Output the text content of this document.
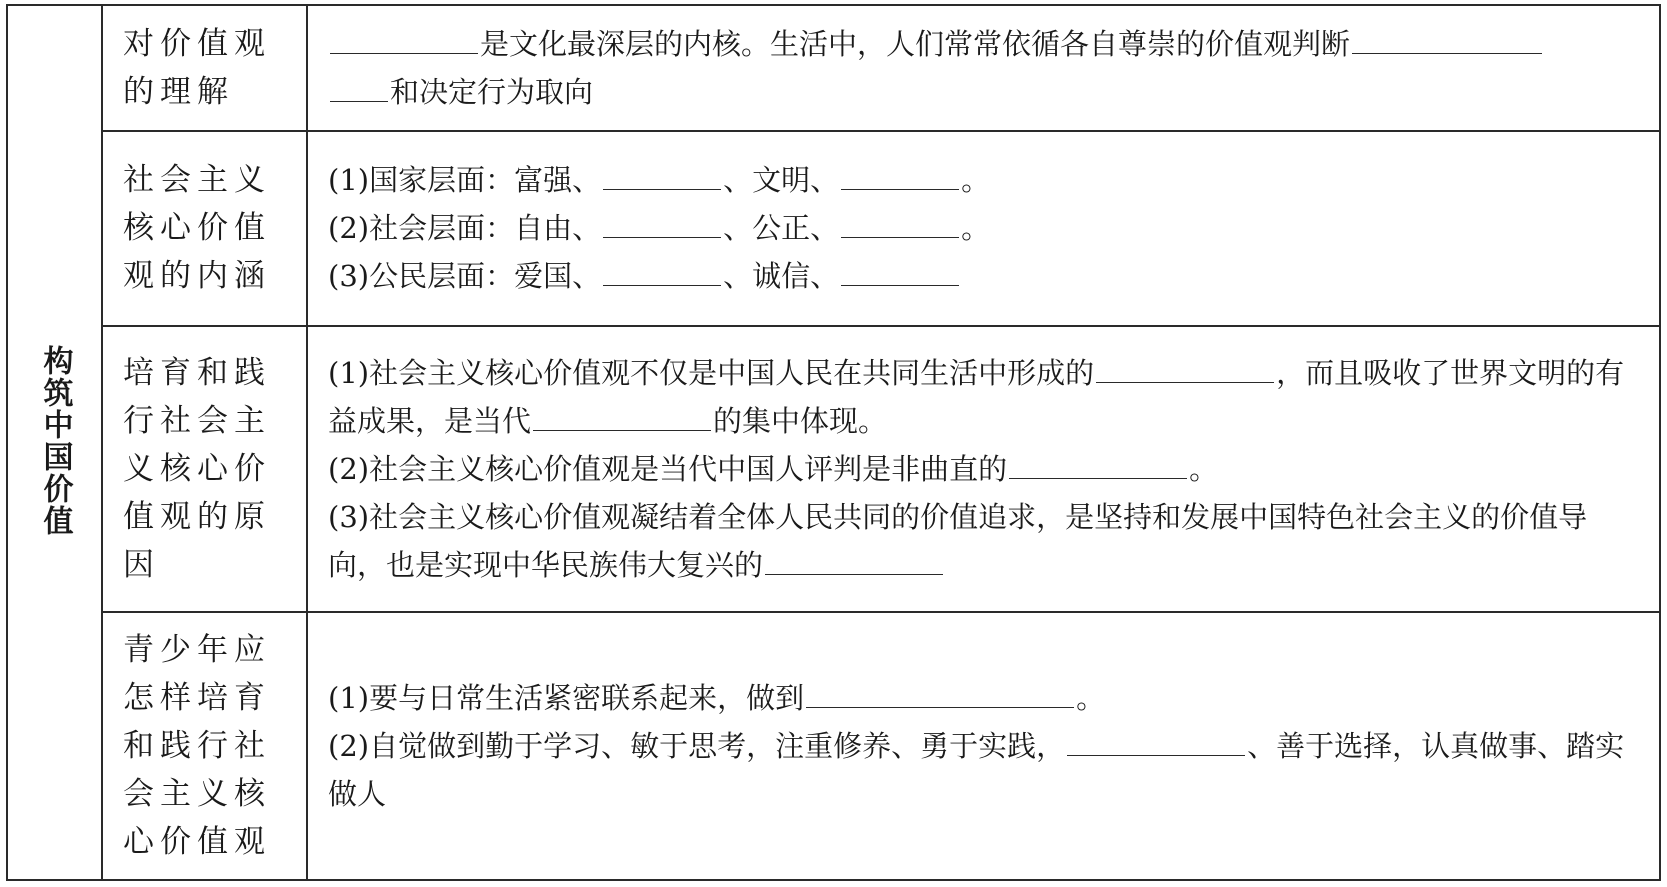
构筑中国价值	对价值观的理解	是文化最深层的内核。生活中，人们常常依循各自尊崇的价值观判断
和决定行为取向

	社会主义核心价值观的内涵	(1)国家层面：富强、 、文明、 。
(2)社会层面：自由、 、公正、 。
(3)公民层面：爱国、 、诚信、

	培育和践行社会主义核心价值观的原因	(1)社会主义核心价值观不仅是中国人民在共同生活中形成的 ，而且吸收了世界文明的有益成果，是当代 的集中体现。
(2)社会主义核心价值观是当代中国人评判是非曲直的 。
(3)社会主义核心价值观凝结着全体人民共同的价值追求，是坚持和发展中国特色社会主义的价值导向，也是实现中华民族伟大复兴的

	青少年应怎样培育和践行社会主义核心价值观	(1)要与日常生活紧密联系起来，做到 。
(2)自觉做到勤于学习、敏于思考，注重修养、勇于实践， 、善于选择，认真做事、踏实做人
